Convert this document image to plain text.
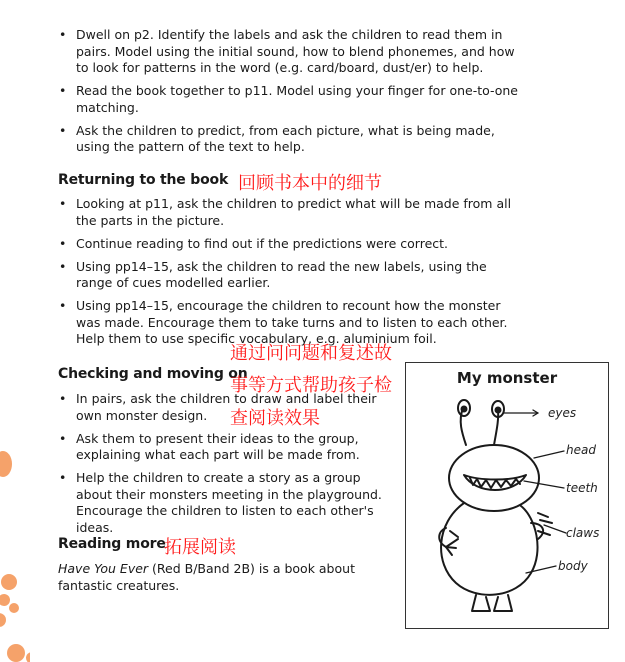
• Dwell on p2. Identify the labels and ask the children to read them in pairs. Model using the initial sound, how to blend phonemes, and how to look for patterns in the word (e.g. card/board, dust/er) to help.
• Read the book together to p11. Model using your finger for one-to-one matching.
• Ask the children to predict, from each picture, what is being made, using the pattern of the text to help.
Returning to the book 回顾书本中的细节
• Looking at p11, ask the children to predict what will be made from all the parts in the picture.
• Continue reading to find out if the predictions were correct.
• Using pp14–15, ask the children to read the new labels, using the range of cues modelled earlier.
• Using pp14–15, encourage the children to recount how the monster was made. Encourage them to take turns and to listen to each other. Help them to use specific vocabulary, e.g. aluminium foil.
Checking and moving on
• In pairs, ask the children to draw and label their own monster design.
• Ask them to present their ideas to the group, explaining what each part will be made from.
• Help the children to create a story as a group about their monsters meeting in the playground. Encourage the children to listen to each other's ideas.
通过问问题和复述故
事等方式帮助孩子检
查阅读效果
Reading more
拓展阅读
Have You Ever (Red B/Band 2B) is a book about fantastic creatures.
My monster
eyes
head
teeth
claws
body
